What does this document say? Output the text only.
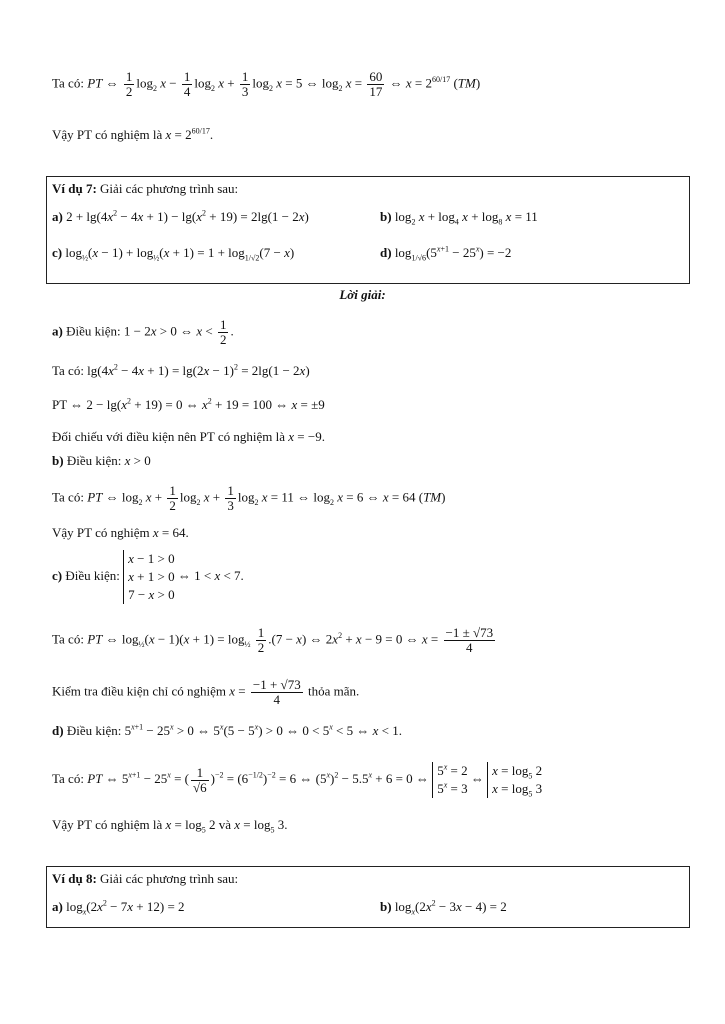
Ta có: PT ⇔ $\frac{1}{2} \log_2 x - \frac{1}{4} \log_2 x + \frac{1}{3} \log_2 x = 5$ ⇔ $\log_2 x = \frac{60}{17}$ ⇔ $x = 2^{60/17}$ (TM)
Vậy PT có nghiệm là $x = 2^{60/17}$.
Ví dụ 7: Giải các phương trình sau:
a) $2 + \lg(4x^2 - 4x + 1) - \lg(x^2 + 19) = 2\lg(1 - 2x)$	b) $\log_2 x + \log_4 x + \log_8 x = 11$
c) $\log_{\frac{1}{2}}(x - 1) + \log_{\frac{1}{2}}(x + 1) = 1 + \log_{1/√2}(7 - x)$	d) $\log_{1/√6}(5^{x+1} - 25^x) = -2$
Lời giải:
a) Điều kiện: 1 − 2x > 0 ⇔ $x < \frac{1}{2}$ .
Ta có: $\lg(4x^2 - 4x + 1) = \lg(2x - 1)^2 = 2\lg(1 - 2x)$
PT ⇔ $2 - \lg(x^2 + 19) = 0$ ⇔ $x^2 + 19 = 100$ ⇔ x = ±9
Đối chiếu với điều kiện nên PT có nghiệm là x = −9.
b) Điều kiện: x > 0
Ta có: PT ⇔ $\log_2 x + \frac{1}{2} \log_2 x + \frac{1}{3} \log_2 x = 11$ ⇔ $\log_2 x = 6$ ⇔ x = 64 (TM)
Vậy PT có nghiệm x = 64.
c) Điều kiện: x − 1 > 0
x + 1 > 0
7 − x > 0 ⇔ 1 < x < 7.
Ta có: PT ⇔ $\log_{\frac{1}{2}}(x - 1)(x + 1) = \log_{\frac{1}{2}} \frac{1}{2} .(7 - x)$ ⇔ $2x^2 + x - 9 = 0$ ⇔ $x = \frac{-1 \pm √73}{4}$
Kiểm tra điều kiện chỉ có nghiệm $x = \frac{-1 + √73}{4}$ thỏa mãn.
d) Điều kiện: $5^{x+1} - 25^x > 0$ ⇔ $5^x(5 - 5^x) > 0$ ⇔ $0 < 5^x < 5$ ⇔ x < 1.
Ta có: PT ⇔ $5^{x+1} - 25^x$ = ( $\frac{1}{√6} )^{-2} = (6^{-1/2})^{-2} = 6$ ⇔ $(5^x)^2 - 5.5^x + 6 = 0$ ⇔ $5^x = 2$
$5^x = 3$ ⇔ $x = \log_5 2$
$x = \log_5 3$
Vậy PT có nghiệm là $x = \log_5 2$ và $x = \log_5 3$.
Ví dụ 8: Giải các phương trình sau:
a) $\log_x(2x^2 - 7x + 12) = 2$	b) $\log_x(2x^2 - 3x - 4) = 2$
